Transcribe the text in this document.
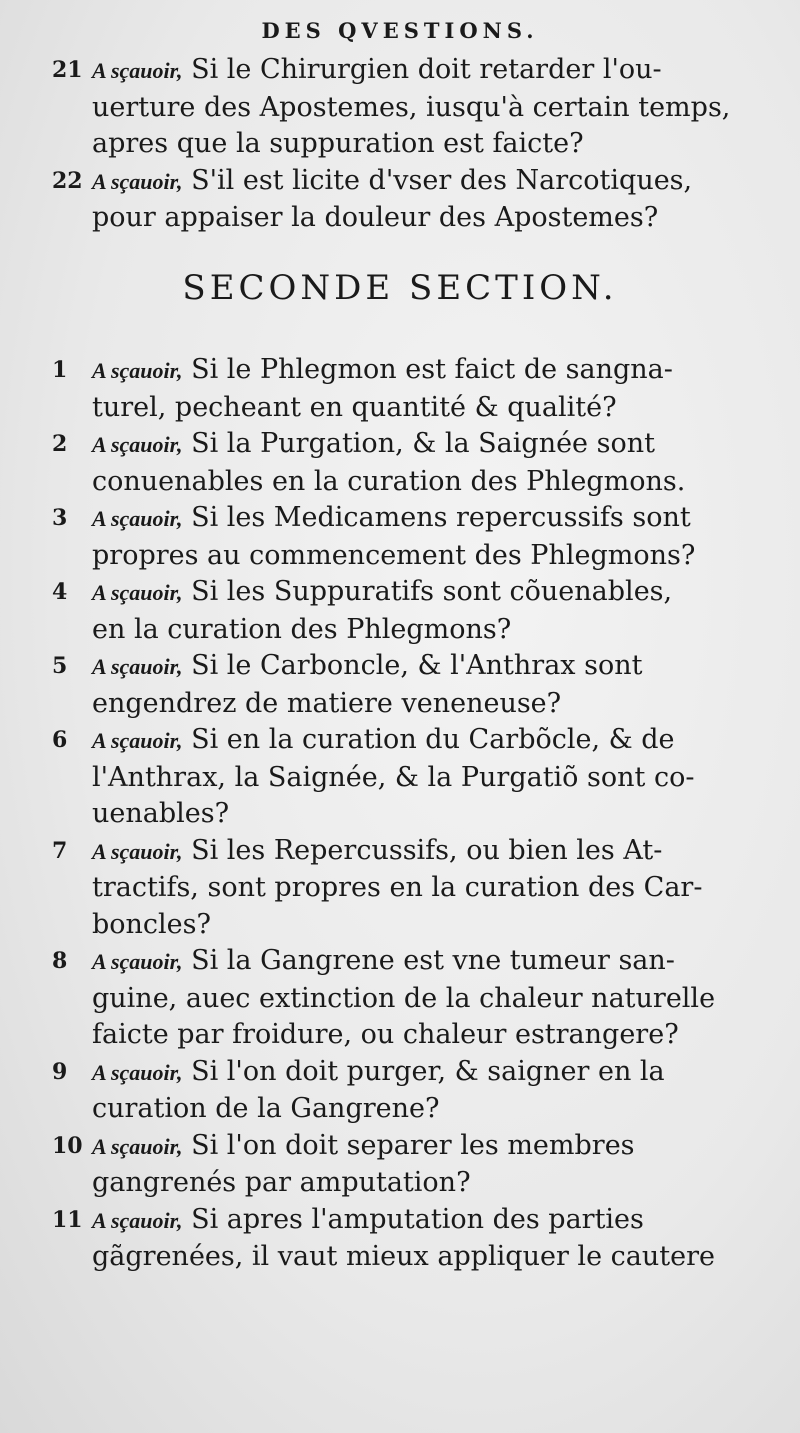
DES QVESTIONS.
21 A sçauoir, Si le Chirurgien doit retarder l'ou-
uerture des Apostemes, iusqu'à certain temps,
apres que la suppuration est faicte?
22 A sçauoir, S'il est licite d'vser des Narcotiques,
pour appaiser la douleur des Apostemes?
SECONDE SECTION.
1	A sçauoir, Si le Phlegmon est faict de sangna-
turel, pecheant en quantité & qualité?
2	A sçauoir, Si la Purgation, & la Saignée sont
conuenables en la curation des Phlegmons.
3	A sçauoir, Si les Medicamens repercussifs sont
propres au commencement des Phlegmons?
4	A sçauoir, Si les Suppuratifs sont cõuenables,
en la curation des Phlegmons?
5	A sçauoir, Si le Carboncle, & l'Anthrax sont
engendrez de matiere veneneuse?
6	A sçauoir, Si en la curation du Carbõcle, & de
l'Anthrax, la Saignée, & la Purgatiõ sont co-
uenables?
7	A sçauoir, Si les Repercussifs, ou bien les At-
tractifs, sont propres en la curation des Car-
boncles?
8	A sçauoir, Si la Gangrene est vne tumeur san-
guine, auec extinction de la chaleur naturelle
faicte par froidure, ou chaleur estrangere?
9	A sçauoir, Si l'on doit purger, & saigner en la
curation de la Gangrene?
10 A sçauoir, Si l'on doit separer les membres
gangrenés par amputation?
11 A sçauoir, Si apres l'amputation des parties
gãgrenées, il vaut mieux appliquer le cautere
